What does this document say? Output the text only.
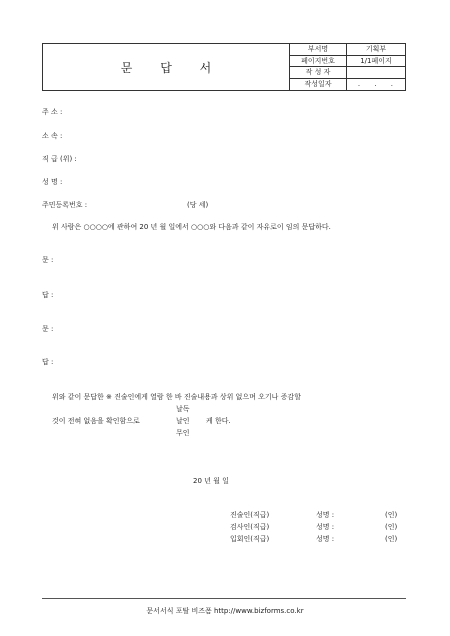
문 답 서
부서명	기획부
페이지번호	1/1페이지
작 성 자
작성일자	. . .
주 소 :
소 속 :
직 급 (위) :
성 명 :
주민등록번호 :	(당 세)
위 사람은 ○○○○에 관하여 20 년 월 일에서 ○○○와 다음과 같이 자유로이 임의 문답하다.
문 :
답 :
문 :
답 :
위와 같이 문답한 ※ 진술인에게 열람 한 바 진술내용과 상위 없으며 오기나 증감할
날독
것이 전혀 없음을 확인함으로	날인 케 한다.
무인
20 년 월 일
진술인(직급)	성명 :	(인)
검사인(직급)	성명 :	(인)
입회인(직급)	성명 :	(인)
문서서식 포탈 비즈폼 http://www.bizforms.co.kr
